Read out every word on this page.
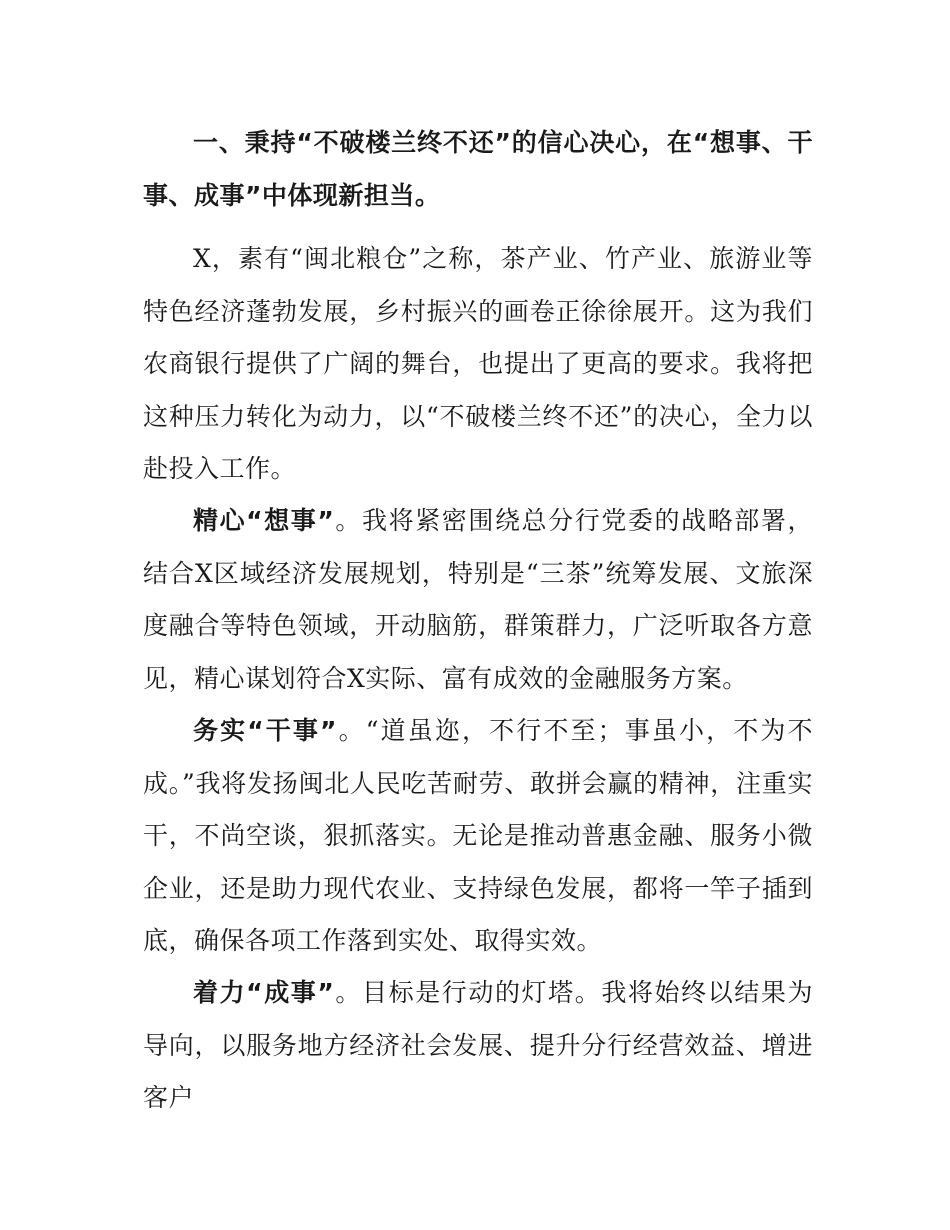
一、秉持“不破楼兰终不还”的信心决心，在“想事、干事、成事”中体现新担当。

X，素有“闽北粮仓”之称，茶产业、竹产业、旅游业等特色经济蓬勃发展，乡村振兴的画卷正徐徐展开。这为我们农商银行提供了广阔的舞台，也提出了更高的要求。我将把这种压力转化为动力，以“不破楼兰终不还”的决心，全力以赴投入工作。

精心“想事”。我将紧密围绕总分行党委的战略部署，结合X区域经济发展规划，特别是“三茶”统筹发展、文旅深度融合等特色领域，开动脑筋，群策群力，广泛听取各方意见，精心谋划符合X实际、富有成效的金融服务方案。

务实“干事”。“道虽迩，不行不至；事虽小，不为不成。”我将发扬闽北人民吃苦耐劳、敢拼会赢的精神，注重实干，不尚空谈，狠抓落实。无论是推动普惠金融、服务小微企业，还是助力现代农业、支持绿色发展，都将一竿子插到底，确保各项工作落到实处、取得实效。

着力“成事”。目标是行动的灯塔。我将始终以结果为导向，以服务地方经济社会发展、提升分行经营效益、增进客户
